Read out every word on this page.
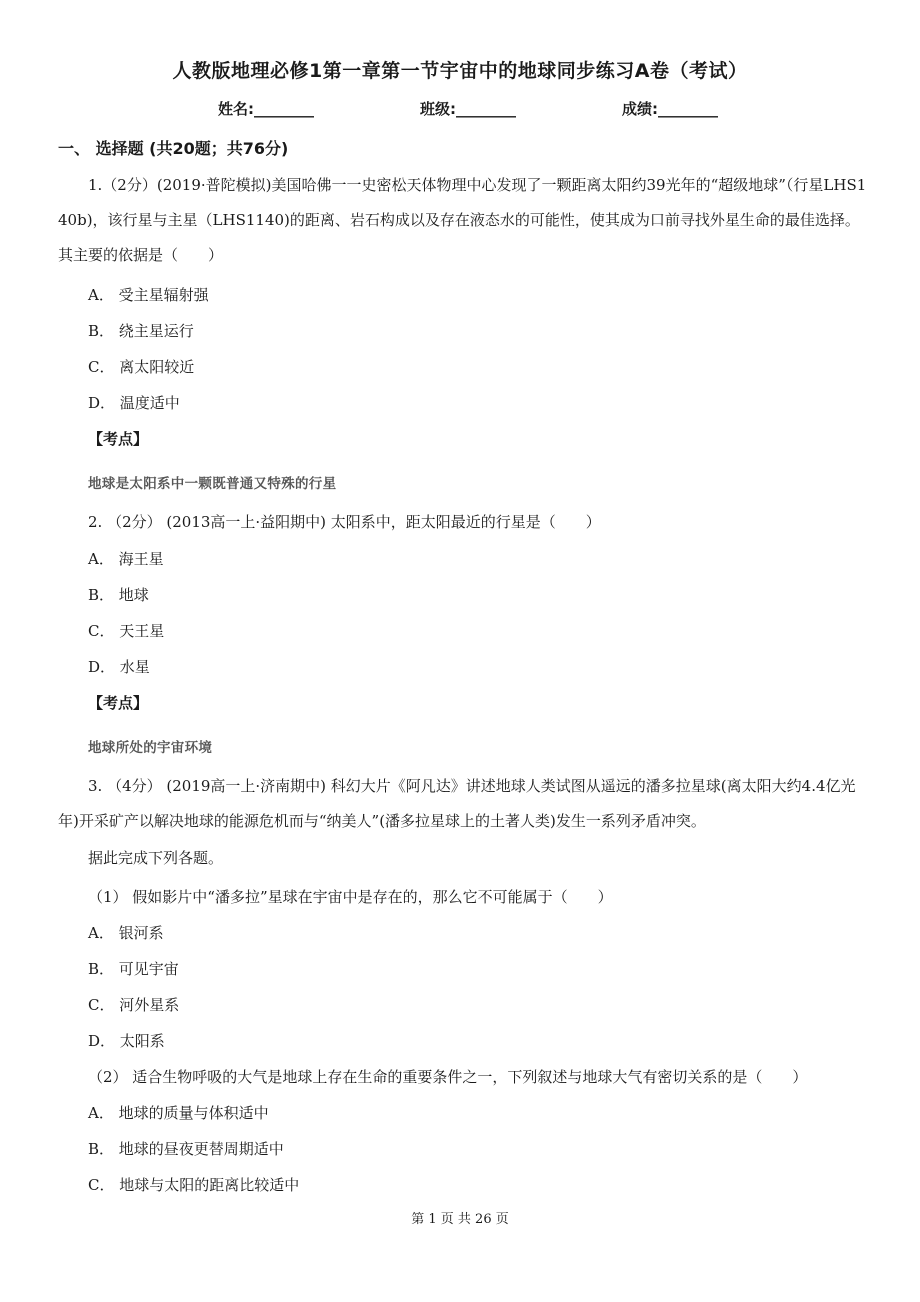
人教版地理必修1第一章第一节宇宙中的地球同步练习A卷（考试）
姓名:________	班级:________	成绩:________
一、 选择题 (共20题；共76分)
1.（2分）(2019·普陀模拟)美国哈佛一一史密松天体物理中心发现了一颗距离太阳约39光年的“超级地球”（行星LHS140b)，该行星与主星（LHS1140)的距离、岩石构成以及存在液态水的可能性，使其成为口前寻找外星生命的最佳选择。其主要的依据是（　　）
A． 受主星辐射强
B． 绕主星运行
C． 离太阳较近
D． 温度适中
【考点】
地球是太阳系中一颗既普通又特殊的行星
2. （2分） (2013高一上·益阳期中) 太阳系中，距太阳最近的行星是（　　）
A． 海王星
B． 地球
C． 天王星
D． 水星
【考点】
地球所处的宇宙环境
3. （4分） (2019高一上·济南期中) 科幻大片《阿凡达》讲述地球人类试图从遥远的潘多拉星球(离太阳大约4.4亿光年)开采矿产以解决地球的能源危机而与“纳美人”(潘多拉星球上的土著人类)发生一系列矛盾冲突。
据此完成下列各题。
（1） 假如影片中“潘多拉”星球在宇宙中是存在的，那么它不可能属于（　　）
A． 银河系
B． 可见宇宙
C． 河外星系
D． 太阳系
（2） 适合生物呼吸的大气是地球上存在生命的重要条件之一，下列叙述与地球大气有密切关系的是（　　）
A． 地球的质量与体积适中
B． 地球的昼夜更替周期适中
C． 地球与太阳的距离比较适中
第 1 页 共 26 页
